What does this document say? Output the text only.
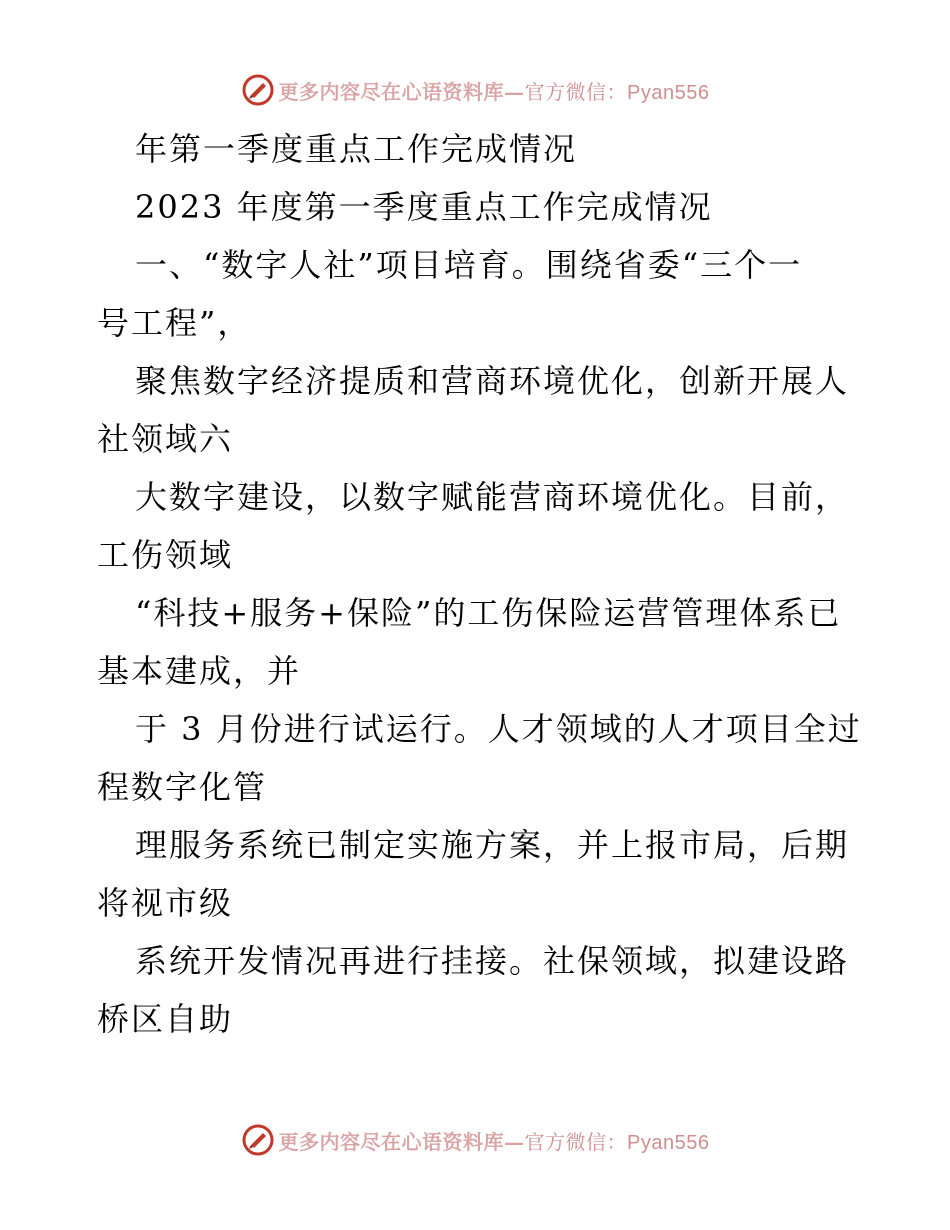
更多内容尽在心语资料库—官方微信：Pyan556
年第一季度重点工作完成情况
2023 年度第一季度重点工作完成情况
一、“数字人社”项目培育。围绕省委“三个一
号工程”，
聚焦数字经济提质和营商环境优化，创新开展人
社领域六
大数字建设，以数字赋能营商环境优化。目前，
工伤领域
“科技+服务+保险”的工伤保险运营管理体系已
基本建成，并
于 3 月份进行试运行。人才领域的人才项目全过
程数字化管
理服务系统已制定实施方案，并上报市局，后期
将视市级
系统开发情况再进行挂接。社保领域，拟建设路
桥区自助
更多内容尽在心语资料库—官方微信：Pyan556
